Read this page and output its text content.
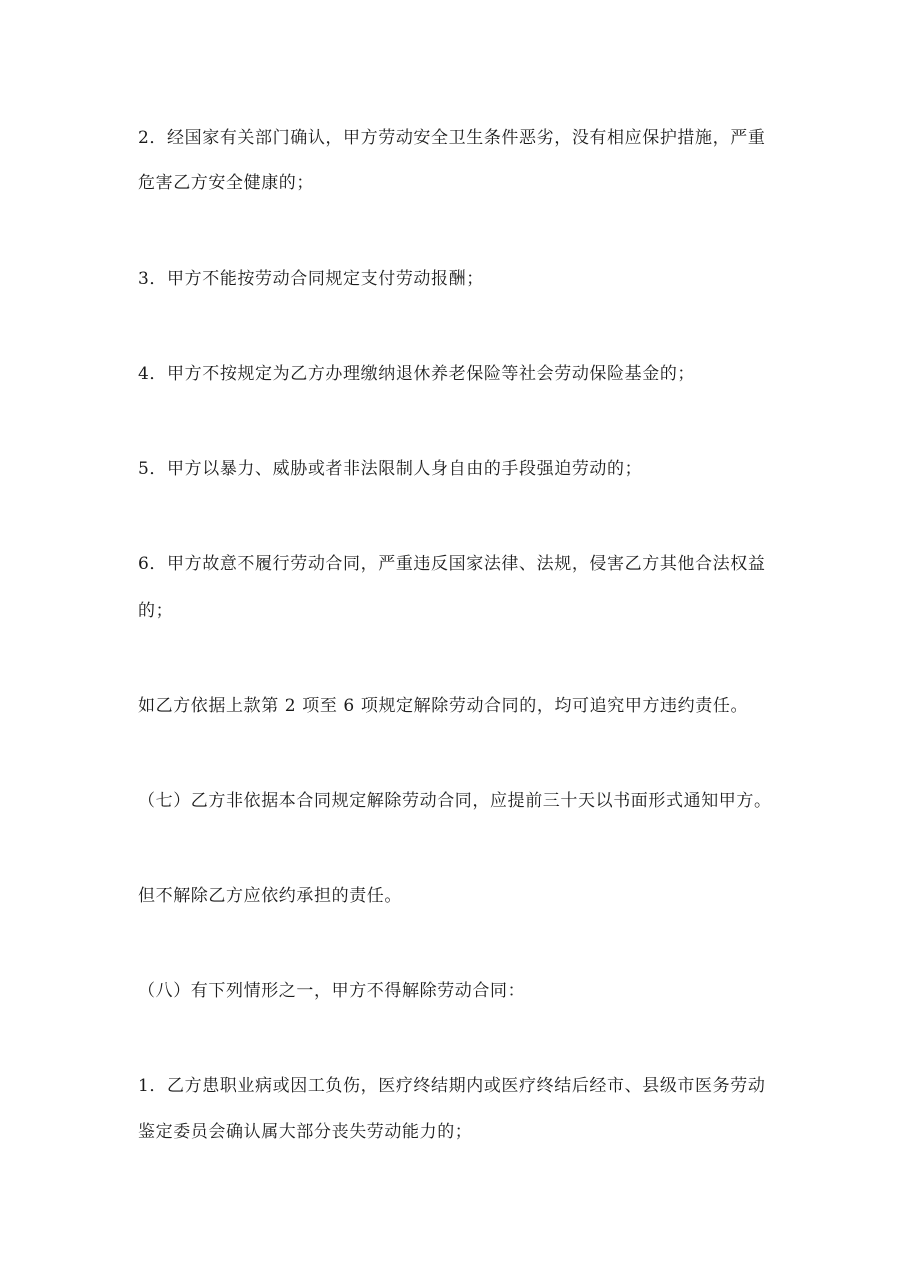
2．经国家有关部门确认，甲方劳动安全卫生条件恶劣，没有相应保护措施，严重
危害乙方安全健康的；
3．甲方不能按劳动合同规定支付劳动报酬；
4．甲方不按规定为乙方办理缴纳退休养老保险等社会劳动保险基金的；
5．甲方以暴力、威胁或者非法限制人身自由的手段强迫劳动的；
6．甲方故意不履行劳动合同，严重违反国家法律、法规，侵害乙方其他合法权益
的；
如乙方依据上款第 2 项至 6 项规定解除劳动合同的，均可追究甲方违约责任。
（七）乙方非依据本合同规定解除劳动合同，应提前三十天以书面形式通知甲方。
但不解除乙方应依约承担的责任。
（八）有下列情形之一，甲方不得解除劳动合同：
1．乙方患职业病或因工负伤，医疗终结期内或医疗终结后经市、县级市医务劳动
鉴定委员会确认属大部分丧失劳动能力的；
